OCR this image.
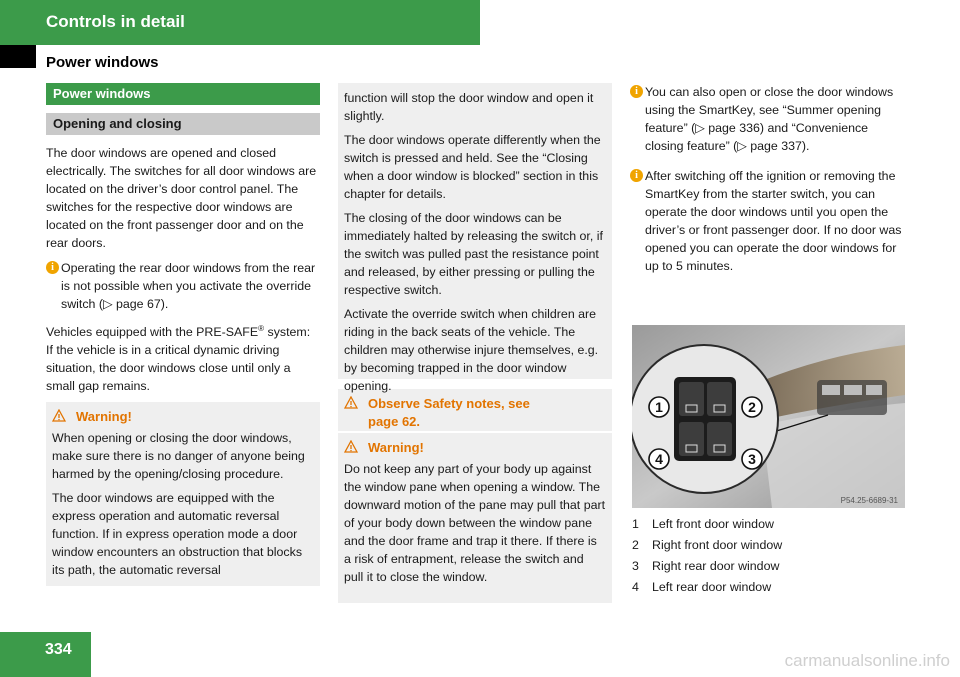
Controls in detail
Power windows
Power windows
Opening and closing

The door windows are opened and closed electrically. The switches for all door windows are located on the driver’s door control panel. The switches for the respective door windows are located on the front passenger door and on the rear doors.

i Operating the rear door windows from the rear is not possible when you activate the override switch (▷ page 67).

Vehicles equipped with the PRE-SAFE® system: If the vehicle is in a critical dynamic driving situation, the door windows close until only a small gap remains.

Warning!

When opening or closing the door windows, make sure there is no danger of anyone being harmed by the opening/closing procedure.

The door windows are equipped with the express operation and automatic reversal function. If in express operation mode a door window encounters an obstruction that blocks its path, the automatic reversal

function will stop the door window and open it slightly.

The door windows operate differently when the switch is pressed and held. See the “Closing when a door window is blocked” section in this chapter for details.

The closing of the door windows can be immediately halted by releasing the switch or, if the switch was pulled past the resistance point and released, by either pressing or pulling the respective switch.

Activate the override switch when children are riding in the back seats of the vehicle. The children may otherwise injure themselves, e.g. by becoming trapped in the door window opening.

Observe Safety notes, see page 62.
Warning!

Do not keep any part of your body up against the window pane when opening a window. The downward motion of the pane may pull that part of your body down between the window pane and the door frame and trap it there. If there is a risk of entrapment, release the switch and pull it to close the window.

i You can also open or close the door windows using the SmartKey, see “Summer opening feature” (▷ page 336) and “Convenience closing feature” (▷ page 337).

i After switching off the ignition or removing the SmartKey from the starter switch, you can operate the door windows until you open the driver’s or front passenger door. If no door was opened you can operate the door windows for up to 5 minutes.

1	2
3
4
P54.25-6689-31
1 Left front door window
2 Right front door window
3 Right rear door window
4 Left rear door window
334
carmanualsonline.info
